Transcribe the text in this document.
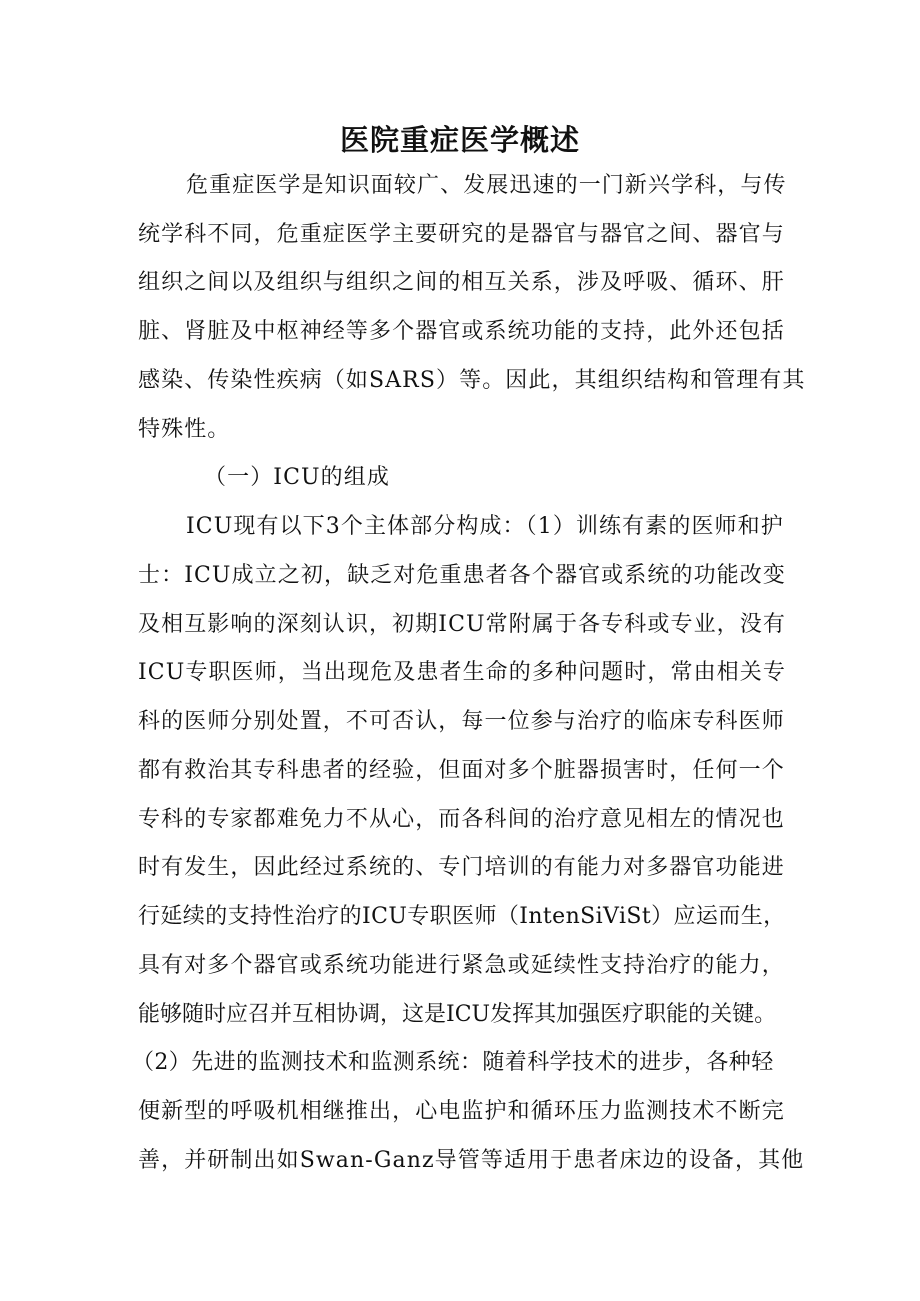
医院重症医学概述

危重症医学是知识面较广、发展迅速的一门新兴学科，与传

统学科不同，危重症医学主要研究的是器官与器官之间、器官与

组织之间以及组织与组织之间的相互关系，涉及呼吸、循环、肝

脏、肾脏及中枢神经等多个器官或系统功能的支持，此外还包括

感染、传染性疾病（如SARS）等。因此，其组织结构和管理有其

特殊性。

（一）ICU的组成

ICU现有以下3个主体部分构成：（1）训练有素的医师和护

士：ICU成立之初，缺乏对危重患者各个器官或系统的功能改变

及相互影响的深刻认识，初期ICU常附属于各专科或专业，没有

ICU专职医师，当出现危及患者生命的多种问题时，常由相关专

科的医师分别处置，不可否认，每一位参与治疗的临床专科医师

都有救治其专科患者的经验，但面对多个脏器损害时，任何一个

专科的专家都难免力不从心，而各科间的治疗意见相左的情况也

时有发生，因此经过系统的、专门培训的有能力对多器官功能进

行延续的支持性治疗的ICU专职医师（IntenSiViSt）应运而生，

具有对多个器官或系统功能进行紧急或延续性支持治疗的能力，

能够随时应召并互相协调，这是ICU发挥其加强医疗职能的关键。

（2）先进的监测技术和监测系统：随着科学技术的进步，各种轻

便新型的呼吸机相继推出，心电监护和循环压力监测技术不断完

善，并研制出如Swan-Ganz导管等适用于患者床边的设备，其他
